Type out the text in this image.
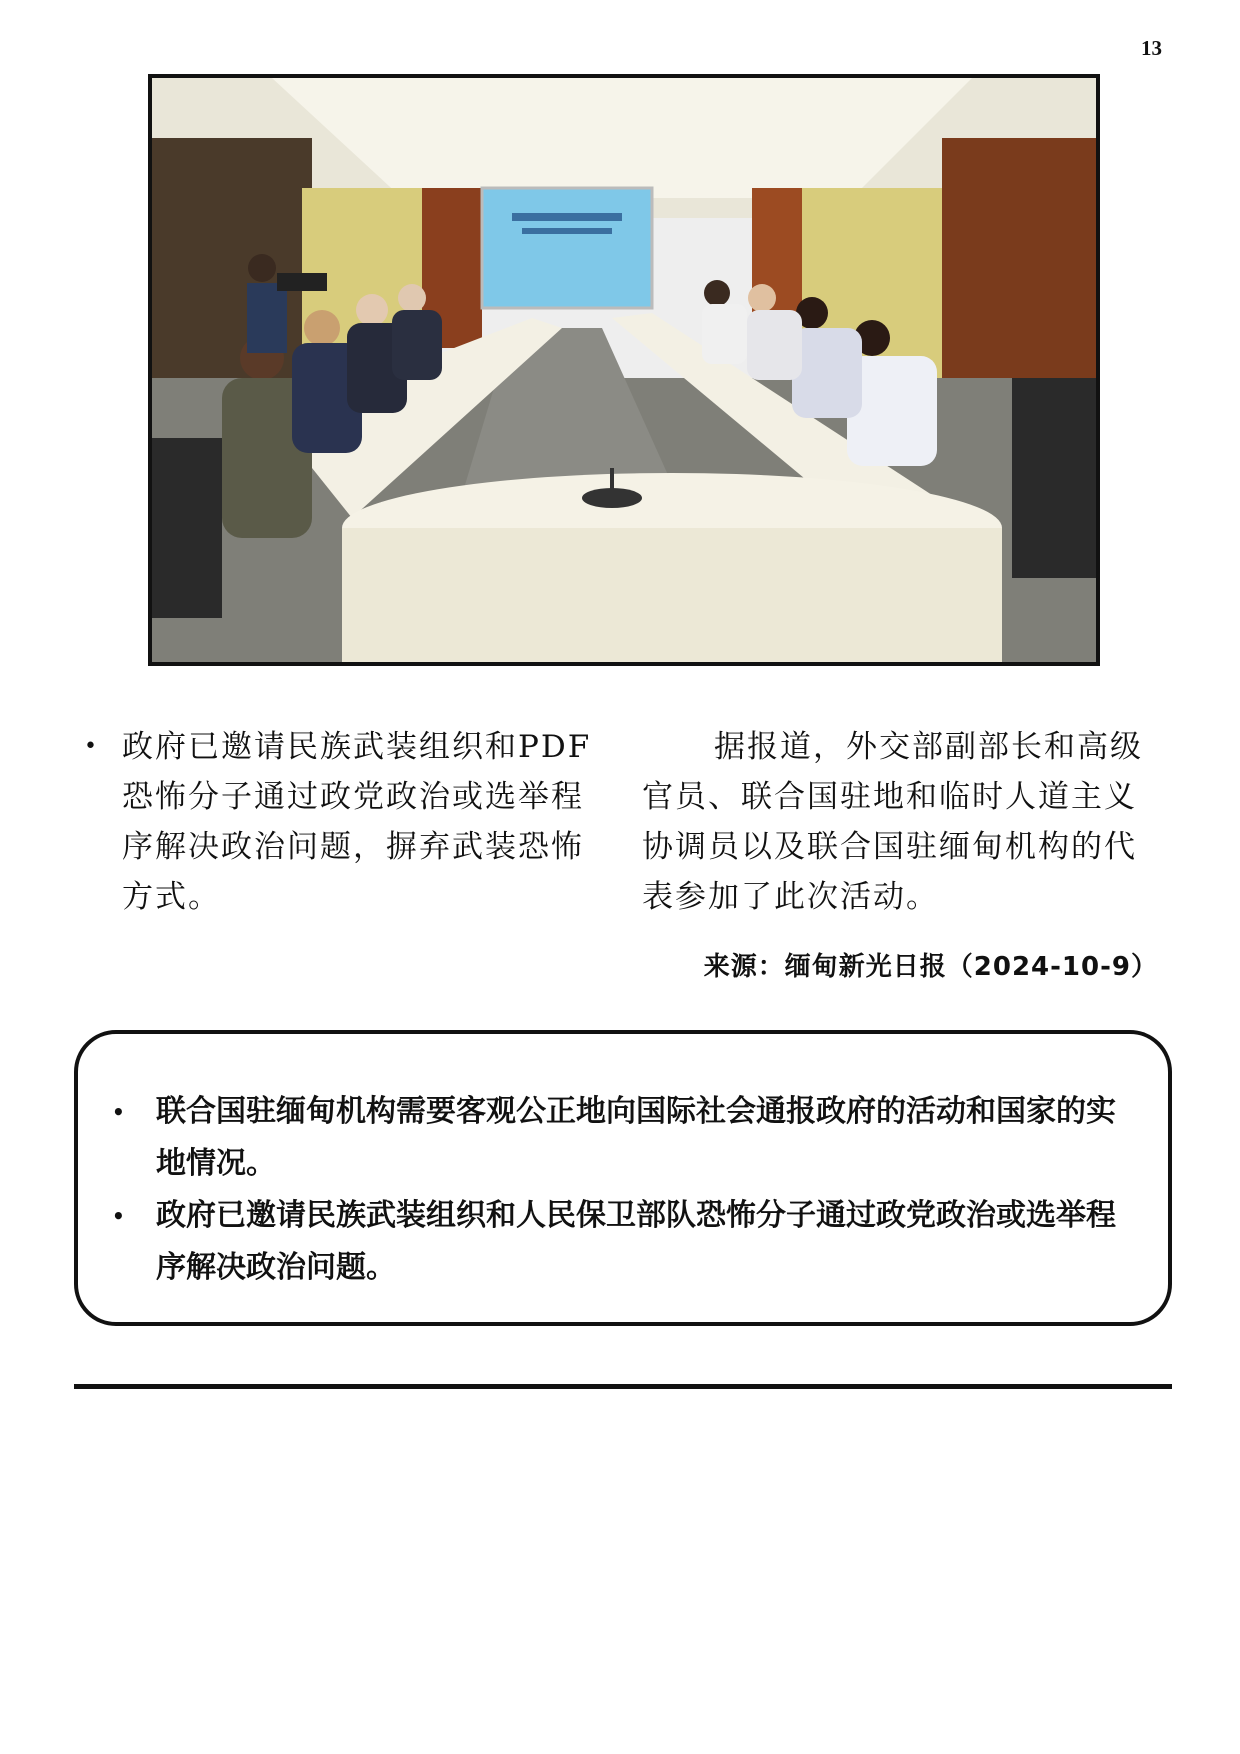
13
• 政府已邀请民族武装组织和PDF恐怖分子通过政党政治或选举程序解决政治问题，摒弃武装恐怖方式。
据报道，外交部副部长和高级官员、联合国驻地和临时人道主义协调员以及联合国驻缅甸机构的代表参加了此次活动。
来源：缅甸新光日报（2024-10-9）
•	联合国驻缅甸机构需要客观公正地向国际社会通报政府的活动和国家的实地情况。
•	政府已邀请民族武装组织和人民保卫部队恐怖分子通过政党政治或选举程序解决政治问题。
